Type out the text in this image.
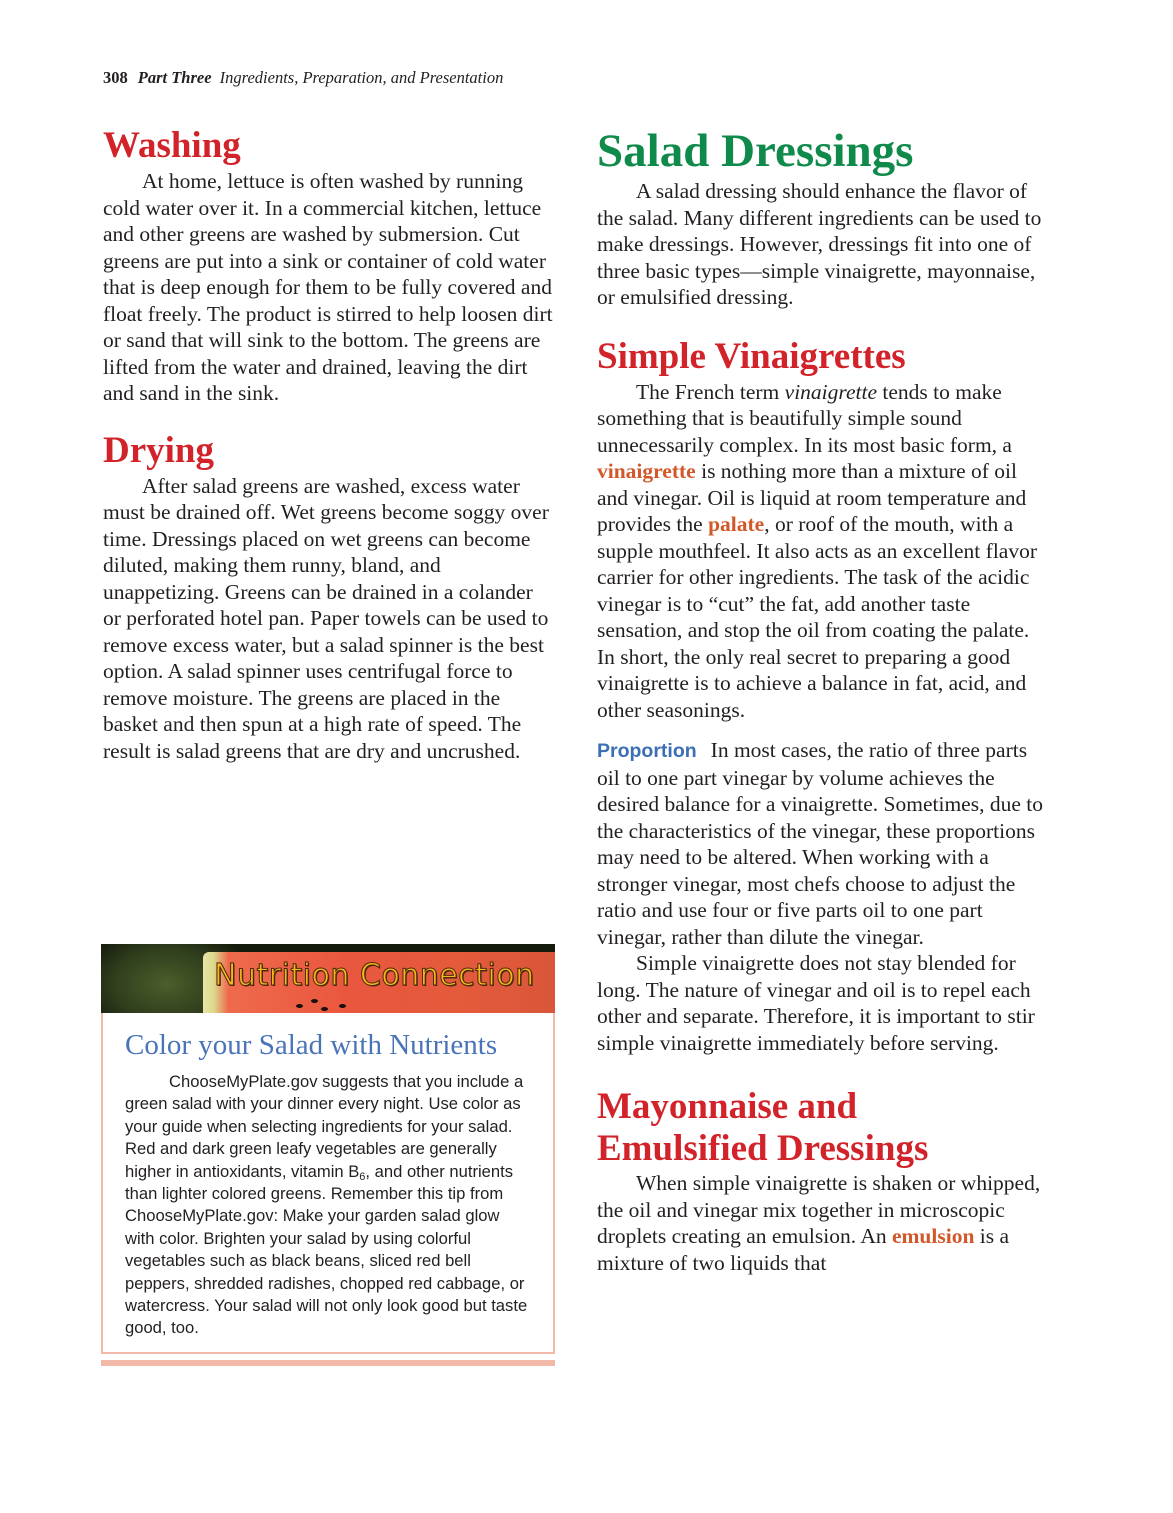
308 Part Three Ingredients, Preparation, and Presentation
Washing

At home, lettuce is often washed by running cold water over it. In a commercial kitchen, lettuce and other greens are washed by submersion. Cut greens are put into a sink or container of cold water that is deep enough for them to be fully covered and float freely. The product is stirred to help loosen dirt or sand that will sink to the bottom. The greens are lifted from the water and drained, leaving the dirt and sand in the sink.

Drying

After salad greens are washed, excess water must be drained off. Wet greens become soggy over time. Dressings placed on wet greens can become diluted, making them runny, bland, and unappetizing. Greens can be drained in a colander or perforated hotel pan. Paper towels can be used to remove excess water, but a salad spinner is the best option. A salad spinner uses centrifugal force to remove moisture. The greens are placed in the basket and then spun at a high rate of speed. The result is salad greens that are dry and uncrushed.

Nutrition Connection
Color your Salad with Nutrients

ChooseMyPlate.gov suggests that you include a green salad with your dinner every night. Use color as your guide when selecting ingredients for your salad. Red and dark green leafy vegetables are generally higher in antioxidants, vitamin $B_6$, and other nutrients than lighter colored greens. Remember this tip from ChooseMyPlate.gov: Make your garden salad glow with color. Brighten your salad by using colorful vegetables such as black beans, sliced red bell peppers, shredded radishes, chopped red cabbage, or watercress. Your salad will not only look good but taste good, too.

Salad Dressings

A salad dressing should enhance the flavor of the salad. Many different ingredients can be used to make dressings. However, dressings fit into one of three basic types—simple vinaigrette, mayonnaise, or emulsified dressing.

Simple Vinaigrettes

The French term vinaigrette tends to make something that is beautifully simple sound unnecessarily complex. In its most basic form, a vinaigrette is nothing more than a mixture of oil and vinegar. Oil is liquid at room temperature and provides the palate, or roof of the mouth, with a supple mouthfeel. It also acts as an excellent flavor carrier for other ingredients. The task of the acidic vinegar is to “cut” the fat, add another taste sensation, and stop the oil from coating the palate. In short, the only real secret to preparing a good vinaigrette is to achieve a balance in fat, acid, and other seasonings.

Proportion In most cases, the ratio of three parts oil to one part vinegar by volume achieves the desired balance for a vinaigrette. Sometimes, due to the characteristics of the vinegar, these proportions may need to be altered. When working with a stronger vinegar, most chefs choose to adjust the ratio and use four or five parts oil to one part vinegar, rather than dilute the vinegar.

Simple vinaigrette does not stay blended for long. The nature of vinegar and oil is to repel each other and separate. Therefore, it is important to stir simple vinaigrette immediately before serving.

Mayonnaise and
Emulsified Dressings

When simple vinaigrette is shaken or whipped, the oil and vinegar mix together in microscopic droplets creating an emulsion. An emulsion is a mixture of two liquids that
